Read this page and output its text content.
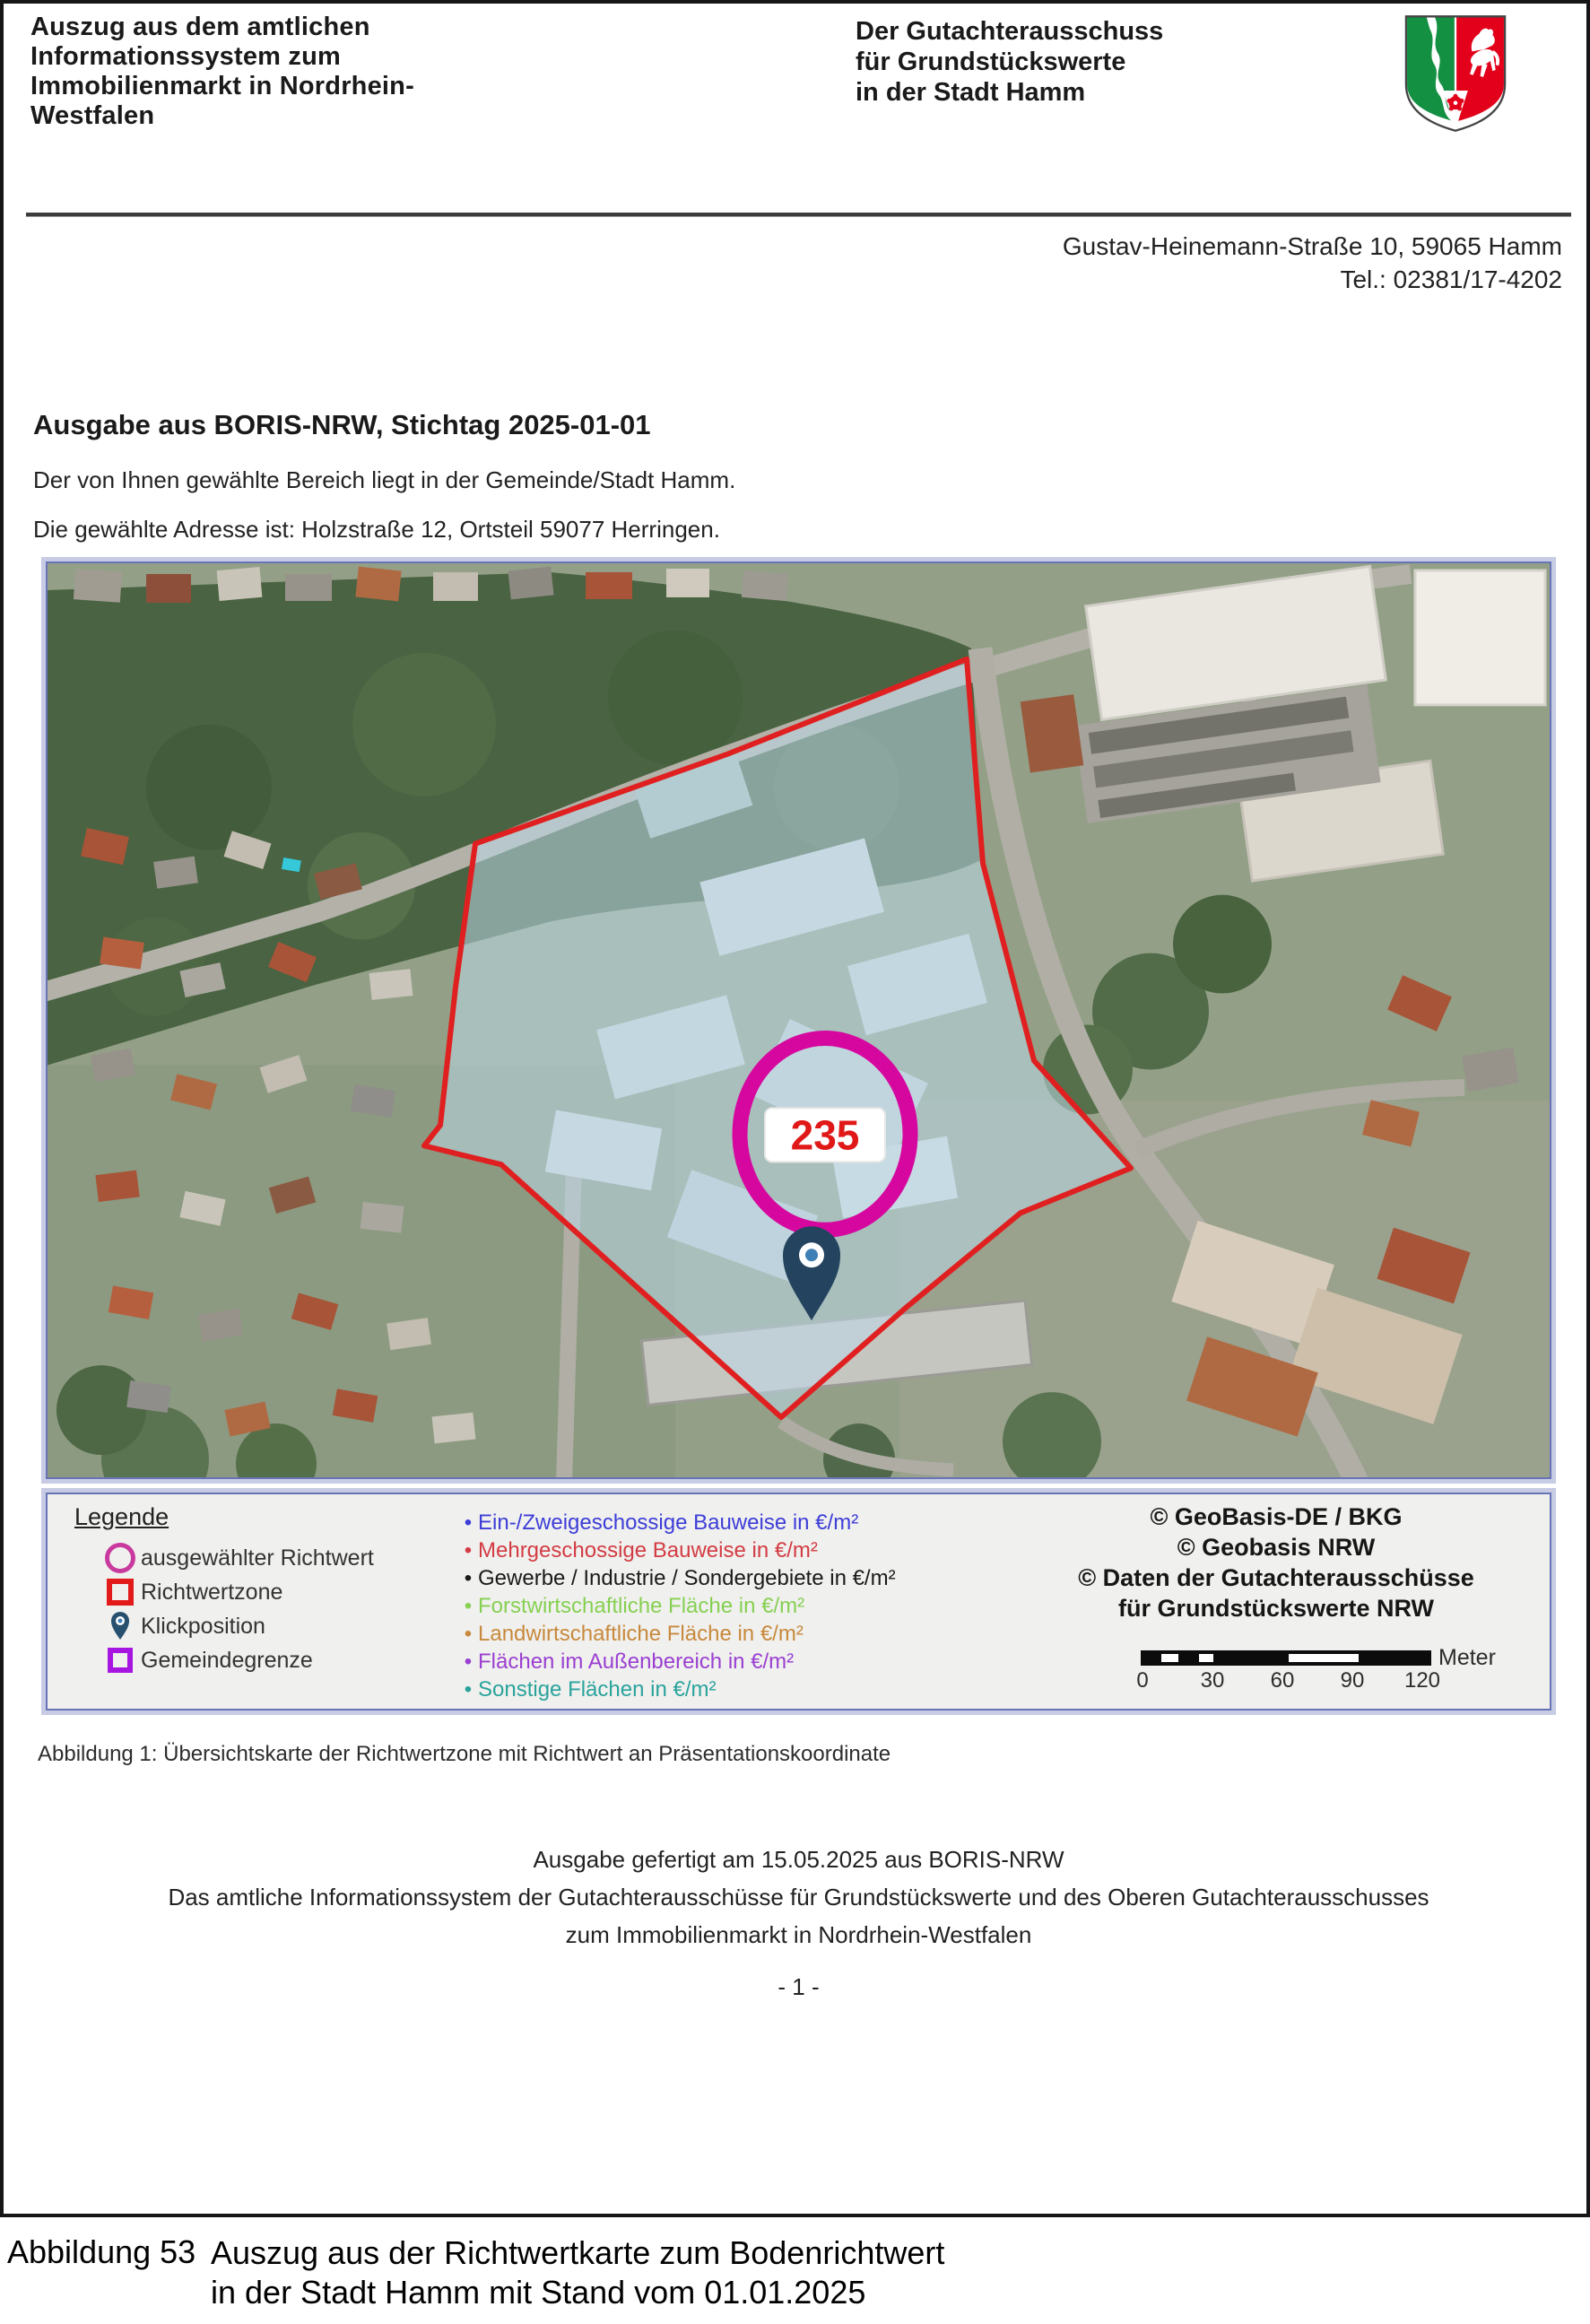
Auszug aus dem amtlichen
Informationssystem zum
Immobilienmarkt in Nordrhein-
Westfalen
Der Gutachterausschuss
für Grundstückswerte
in der Stadt Hamm
Gustav-Heinemann-Straße 10, 59065 Hamm
Tel.: 02381/17-4202
Ausgabe aus BORIS-NRW, Stichtag 2025-01-01
Der von Ihnen gewählte Bereich liegt in der Gemeinde/Stadt Hamm.
Die gewählte Adresse ist: Holzstraße 12, Ortsteil 59077 Herringen.
235
Legende
ausgewählter Richtwert
Richtwertzone
Klickposition
Gemeindegrenze
• Ein-/Zweigeschossige Bauweise in €/m²
• Mehrgeschossige Bauweise in €/m²
• Gewerbe / Industrie / Sondergebiete in €/m²
• Forstwirtschaftliche Fläche in €/m²
• Landwirtschaftliche Fläche in €/m²
• Flächen im Außenbereich in €/m²
• Sonstige Flächen in €/m²
© GeoBasis-DE / BKG
© Geobasis NRW
© Daten der Gutachterausschüsse
für Grundstückswerte NRW
Meter
0 30 60 90 120
Abbildung 1: Übersichtskarte der Richtwertzone mit Richtwert an Präsentationskoordinate
Ausgabe gefertigt am 15.05.2025 aus BORIS-NRW
Das amtliche Informationssystem der Gutachterausschüsse für Grundstückswerte und des Oberen Gutachterausschusses
zum Immobilienmarkt in Nordrhein-Westfalen
- 1 -
Abbildung 53 Auszug aus der Richtwertkarte zum Bodenrichtwert
in der Stadt Hamm mit Stand vom 01.01.2025
